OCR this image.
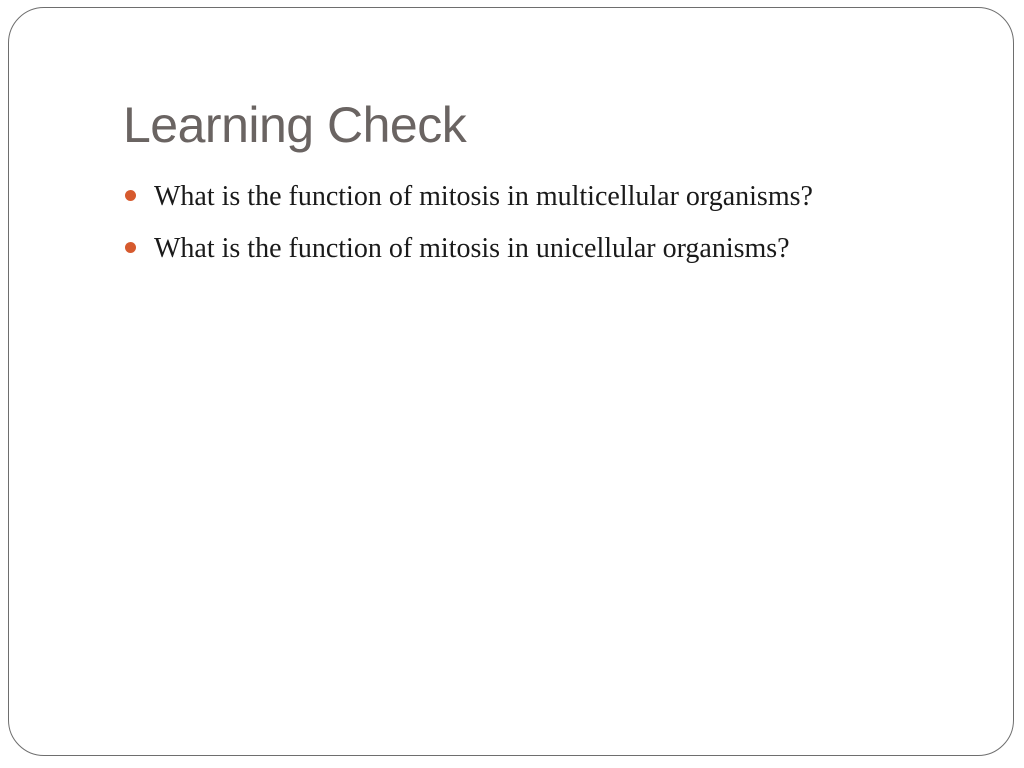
Learning Check
What is the function of mitosis in multicellular organisms?
What is the function of mitosis in unicellular organisms?
